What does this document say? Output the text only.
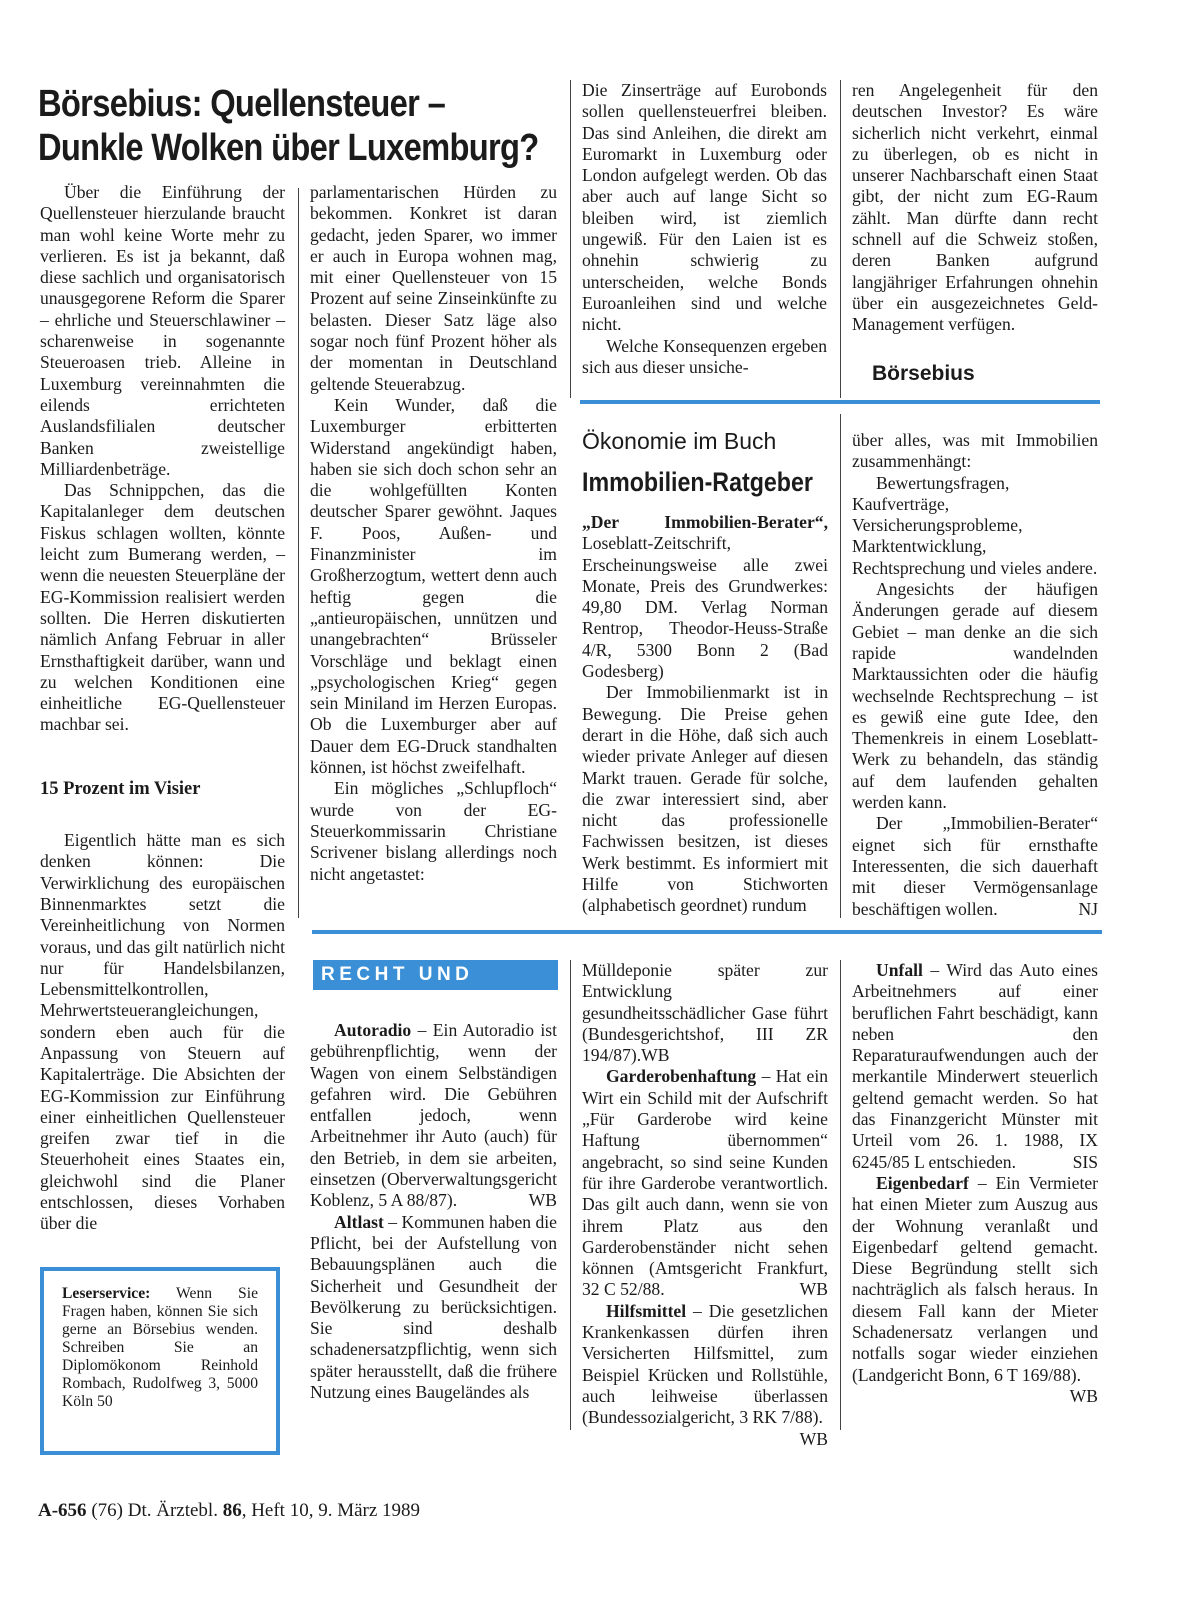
Börsebius: Quellensteuer –
Dunkle Wolken über Luxemburg?

Über die Einführung der Quellensteuer hierzulande braucht man wohl keine Worte mehr zu verlieren. Es ist ja bekannt, daß diese sachlich und organisatorisch unausgegorene Reform die Sparer – ehrliche und Steuerschlawiner – scharenweise in sogenannte Steueroasen trieb. Alleine in Luxemburg vereinnahmten die eilends errichteten Auslandsfilialen deutscher Banken zweistellige Milliardenbeträge.

Das Schnippchen, das die Kapitalanleger dem deutschen Fiskus schlagen wollten, könnte leicht zum Bumerang werden, – wenn die neuesten Steuerpläne der EG-Kommission realisiert werden sollten. Die Herren diskutierten nämlich Anfang Februar in aller Ernsthaftigkeit darüber, wann und zu welchen Konditionen eine einheitliche EG-Quellensteuer machbar sei.

15 Prozent im Visier

Eigentlich hätte man es sich denken können: Die Verwirklichung des europäischen Binnenmarktes setzt die Vereinheitlichung von Normen voraus, und das gilt natürlich nicht nur für Handelsbilanzen, Lebensmittelkontrollen, Mehrwertsteuerangleichungen, sondern eben auch für die Anpassung von Steuern auf Kapitalerträge. Die Absichten der EG-Kommission zur Einführung einer einheitlichen Quellensteuer greifen zwar tief in die Steuerhoheit eines Staates ein, gleichwohl sind die Planer entschlossen, dieses Vorhaben über die

parlamentarischen Hürden zu bekommen. Konkret ist daran gedacht, jeden Sparer, wo immer er auch in Europa wohnen mag, mit einer Quellensteuer von 15 Prozent auf seine Zinseinkünfte zu belasten. Dieser Satz läge also sogar noch fünf Prozent höher als der momentan in Deutschland geltende Steuerabzug.

Kein Wunder, daß die Luxemburger erbitterten Widerstand angekündigt haben, haben sie sich doch schon sehr an die wohlgefüllten Konten deutscher Sparer gewöhnt. Jaques F. Poos, Außen- und Finanzminister im Großherzogtum, wettert denn auch heftig gegen die „antieuropäischen, unnützen und unangebrachten“ Brüsseler Vorschläge und beklagt einen „psychologischen Krieg“ gegen sein Miniland im Herzen Europas. Ob die Luxemburger aber auf Dauer dem EG-Druck standhalten können, ist höchst zweifelhaft.

Ein mögliches „Schlupfloch“ wurde von der EG-Steuerkommissarin Christiane Scrivener bislang allerdings noch nicht angetastet:

Die Zinserträge auf Eurobonds sollen quellensteuerfrei bleiben. Das sind Anleihen, die direkt am Euromarkt in Luxemburg oder London aufgelegt werden. Ob das aber auch auf lange Sicht so bleiben wird, ist ziemlich ungewiß. Für den Laien ist es ohnehin schwierig zu unterscheiden, welche Bonds Euroanleihen sind und welche nicht.

Welche Konsequenzen ergeben sich aus dieser unsiche-

ren Angelegenheit für den deutschen Investor? Es wäre sicherlich nicht verkehrt, einmal zu überlegen, ob es nicht in unserer Nachbarschaft einen Staat gibt, der nicht zum EG-Raum zählt. Man dürfte dann recht schnell auf die Schweiz stoßen, deren Banken aufgrund langjähriger Erfahrungen ohnehin über ein ausgezeichnetes Geld-Management verfügen.

Börsebius
Ökonomie im Buch
Immobilien-Ratgeber

„Der Immobilien-Berater“, Loseblatt-Zeitschrift, Erscheinungsweise alle zwei Monate, Preis des Grundwerkes: 49,80 DM. Verlag Norman Rentrop, Theodor-Heuss-Straße 4/R, 5300 Bonn 2 (Bad Godesberg)

Der Immobilienmarkt ist in Bewegung. Die Preise gehen derart in die Höhe, daß sich auch wieder private Anleger auf diesen Markt trauen. Gerade für solche, die zwar interessiert sind, aber nicht das professionelle Fachwissen besitzen, ist dieses Werk bestimmt. Es informiert mit Hilfe von Stichworten (alphabetisch geordnet) rundum

über alles, was mit Immobilien zusammenhängt:

Bewertungsfragen, Kaufverträge, Versicherungsprobleme, Marktentwicklung, Rechtsprechung und vieles andere.

Angesichts der häufigen Änderungen gerade auf diesem Gebiet – man denke an die sich rapide wandelnden Marktaussichten oder die häufig wechselnde Rechtsprechung – ist es gewiß eine gute Idee, den Themenkreis in einem Loseblatt-Werk zu behandeln, das ständig auf dem laufenden gehalten werden kann.

Der „Immobilien-Berater“ eignet sich für ernsthafte Interessenten, die sich dauerhaft mit dieser Vermögensanlage beschäftigen wollen.	NJ

RECHT UND STEUER

Autoradio – Ein Autoradio ist gebührenpflichtig, wenn der Wagen von einem Selbständigen gefahren wird. Die Gebühren entfallen jedoch, wenn Arbeitnehmer ihr Auto (auch) für den Betrieb, in dem sie arbeiten, einsetzen (Oberverwaltungsgericht Koblenz, 5 A 88/87).	WB

Altlast – Kommunen haben die Pflicht, bei der Aufstellung von Bebauungsplänen auch die Sicherheit und Gesundheit der Bevölkerung zu berücksichtigen. Sie sind deshalb schadenersatzpflichtig, wenn sich später herausstellt, daß die frühere Nutzung eines Baugeländes als

Mülldeponie später zur Entwicklung gesundheitsschädlicher Gase führt (Bundesgerichtshof, III ZR 194/87).WB

Garderobenhaftung – Hat ein Wirt ein Schild mit der Aufschrift „Für Garderobe wird keine Haftung übernommen“ angebracht, so sind seine Kunden für ihre Garderobe verantwortlich. Das gilt auch dann, wenn sie von ihrem Platz aus den Garderobenständer nicht sehen können (Amtsgericht Frankfurt, 32 C 52/88.	WB

Hilfsmittel – Die gesetzlichen Krankenkassen dürfen ihren Versicherten Hilfsmittel, zum Beispiel Krücken und Rollstühle, auch leihweise überlassen (Bundessozialgericht, 3 RK 7/88).
WB

Unfall – Wird das Auto eines Arbeitnehmers auf einer beruflichen Fahrt beschädigt, kann neben den Reparaturaufwendungen auch der merkantile Minderwert steuerlich geltend gemacht werden. So hat das Finanzgericht Münster mit Urteil vom 26. 1. 1988, IX 6245/85 L entschieden.	SIS

Eigenbedarf – Ein Vermieter hat einen Mieter zum Auszug aus der Wohnung veranlaßt und Eigenbedarf geltend gemacht. Diese Begründung stellt sich nachträglich als falsch heraus. In diesem Fall kann der Mieter Schadenersatz verlangen und notfalls sogar wieder einziehen (Landgericht Bonn, 6 T 169/88).
WB

Leserservice: Wenn Sie Fragen haben, können Sie sich gerne an Börsebius wenden. Schreiben Sie an Diplomökonom Reinhold Rombach, Rudolfweg 3, 5000 Köln 50
A-656 (76) Dt. Ärztebl. 86, Heft 10, 9. März 1989
